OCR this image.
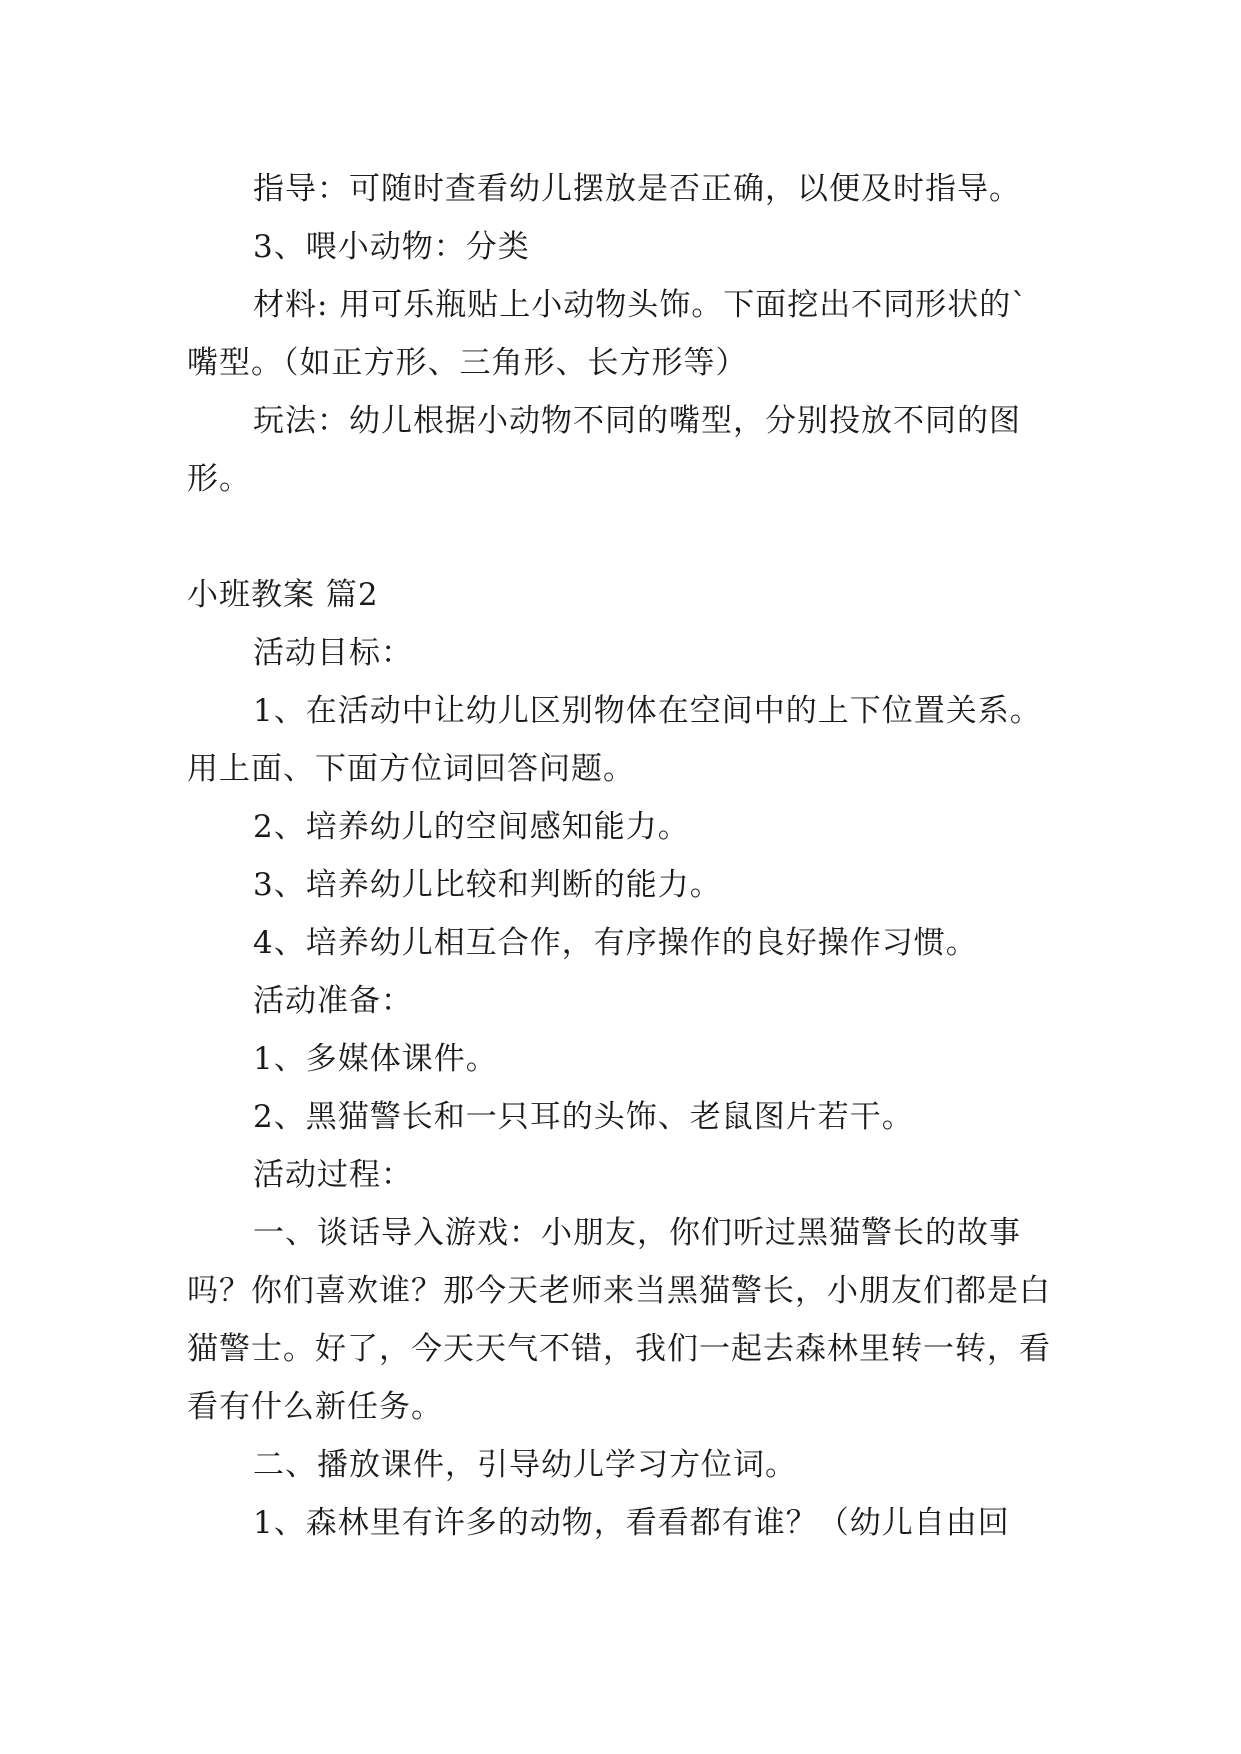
指导：可随时查看幼儿摆放是否正确，以便及时指导。

3、喂小动物：分类

材料: 用可乐瓶贴上小动物头饰。下面挖出不同形状的`嘴型。（如正方形、三角形、长方形等）

玩法：幼儿根据小动物不同的嘴型，分别投放不同的图形。

小班教案 篇2

活动目标：

1、在活动中让幼儿区别物体在空间中的上下位置关系。用上面、下面方位词回答问题。

2、培养幼儿的空间感知能力。

3、培养幼儿比较和判断的能力。

4、培养幼儿相互合作，有序操作的良好操作习惯。

活动准备：

1、多媒体课件。

2、黑猫警长和一只耳的头饰、老鼠图片若干。

活动过程：

一、谈话导入游戏：小朋友，你们听过黑猫警长的故事吗？你们喜欢谁？那今天老师来当黑猫警长，小朋友们都是白猫警士。好了，今天天气不错，我们一起去森林里转一转，看看有什么新任务。

二、播放课件，引导幼儿学习方位词。

1、森林里有许多的动物，看看都有谁？（幼儿自由回
